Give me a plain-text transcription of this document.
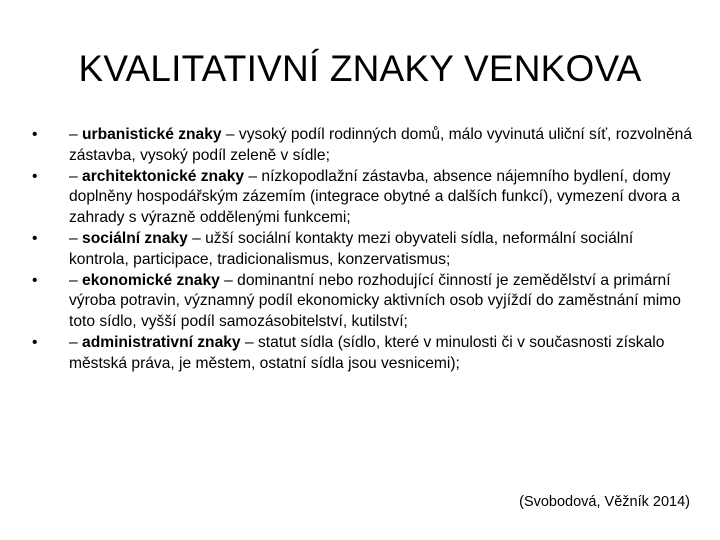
KVALITATIVNÍ ZNAKY VENKOVA
•	– urbanistické znaky – vysoký podíl rodinných domů, málo vyvinutá uliční síť, rozvolněná zástavba, vysoký podíl zeleně v sídle;
•	– architektonické znaky – nízkopodlažní zástavba, absence nájemního bydlení, domy doplněny hospodářským zázemím (integrace obytné a dalších funkcí), vymezení dvora a zahrady s výrazně oddělenými funkcemi;
•	– sociální znaky – užší sociální kontakty mezi obyvateli sídla, neformální sociální kontrola, participace, tradicionalismus, konzervatismus;
•	– ekonomické znaky – dominantní nebo rozhodující činností je zemědělství a primární výroba potravin, významný podíl ekonomicky aktivních osob vyjíždí do zaměstnání mimo toto sídlo, vyšší podíl samozásobitelství, kutilství;
•	– administrativní znaky – statut sídla (sídlo, které v minulosti či v současnosti získalo městská práva, je městem, ostatní sídla jsou vesnicemi);
(Svobodová, Věžník 2014)
